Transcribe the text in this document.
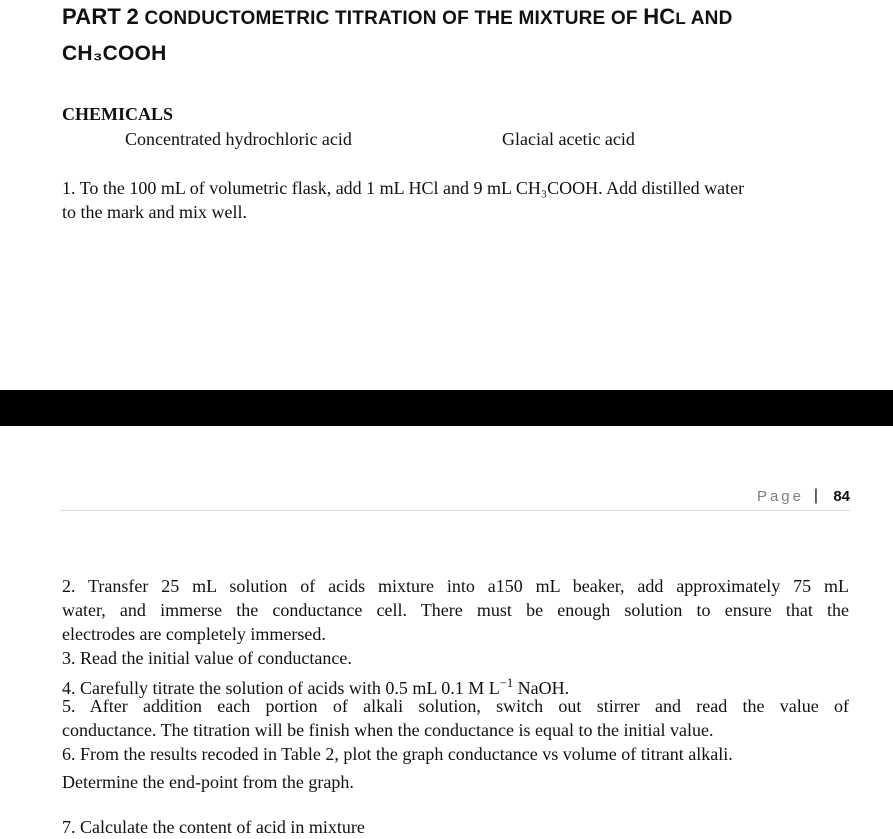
PART 2 CONDUCTOMETRIC TITRATION OF THE MIXTURE OF HCL AND
CH₃COOH
CHEMICALS
Concentrated hydrochloric acid	Glacial acetic acid
1. To the 100 mL of volumetric flask, add 1 mL HCl and 9 mL CH₃COOH. Add distilled water
to the mark and mix well.
Page | 84
2. Transfer 25 mL solution of acids mixture into a150 mL beaker, add approximately 75 mL
water, and immerse the conductance cell. There must be enough solution to ensure that the
electrodes are completely immersed.
3. Read the initial value of conductance.
4. Carefully titrate the solution of acids with 0.5 mL 0.1 M $L^{-1}$ NaOH.
5. After addition each portion of alkali solution, switch out stirrer and read the value of
conductance. The titration will be finish when the conductance is equal to the initial value.
6. From the results recoded in Table 2, plot the graph conductance vs volume of titrant alkali.
Determine the end-point from the graph.
7. Calculate the content of acid in mixture
